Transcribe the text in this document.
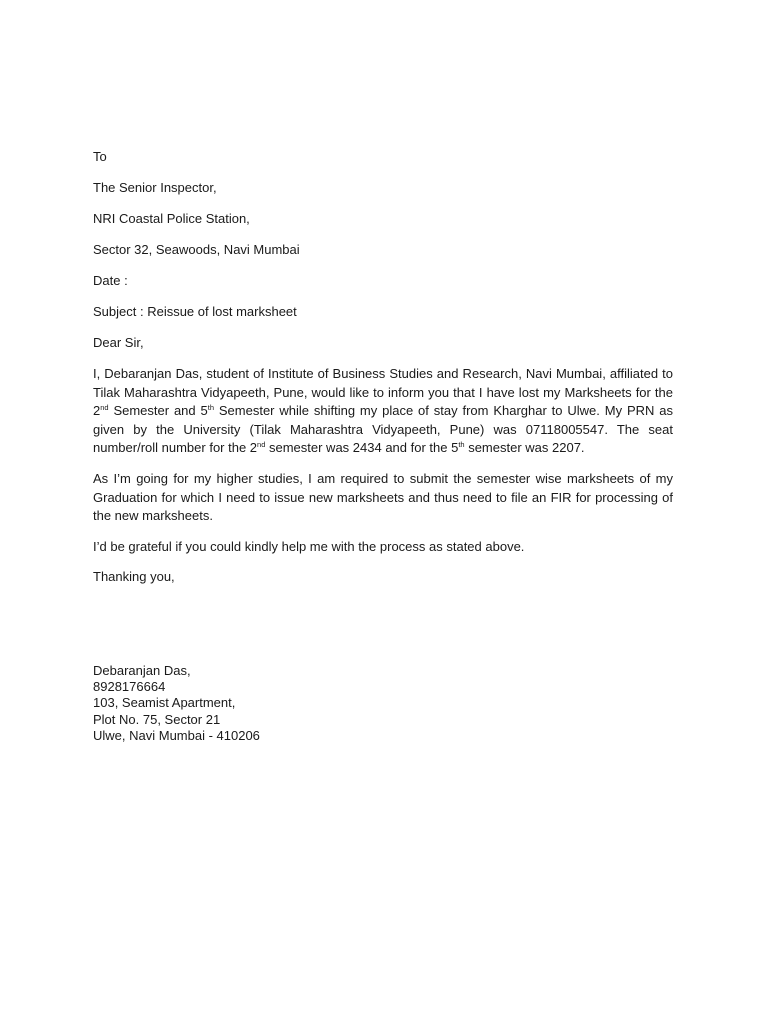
To

The Senior Inspector,

NRI Coastal Police Station,

Sector 32, Seawoods, Navi Mumbai

Date :

Subject : Reissue of lost marksheet

Dear Sir,

I, Debaranjan Das, student of Institute of Business Studies and Research, Navi Mumbai, affiliated to Tilak Maharashtra Vidyapeeth, Pune, would like to inform you that I have lost my Marksheets for the 2nd Semester and 5th Semester while shifting my place of stay from Kharghar to Ulwe. My PRN as given by the University (Tilak Maharashtra Vidyapeeth, Pune) was 07118005547. The seat number/roll number for the 2nd semester was 2434 and for the 5th semester was 2207.

As I’m going for my higher studies, I am required to submit the semester wise marksheets of my Graduation for which I need to issue new marksheets and thus need to file an FIR for processing of the new marksheets.

I’d be grateful if you could kindly help me with the process as stated above.

Thanking you,

Debaranjan Das,

8928176664

103, Seamist Apartment,

Plot No. 75, Sector 21

Ulwe, Navi Mumbai - 410206
